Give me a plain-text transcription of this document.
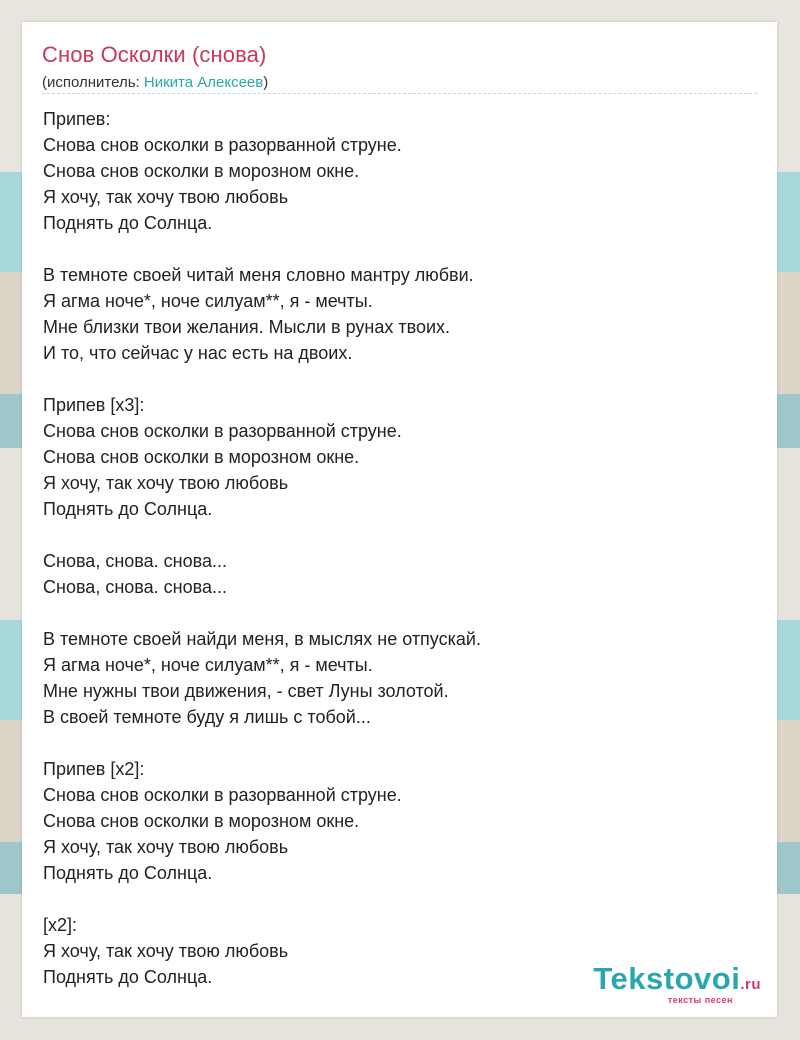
Снов Осколки (снова)
(исполнитель: Никита Алексеев)
Припев:
Снова снов осколки в разорванной струне.
Снова снов осколки в морозном окне.
Я хочу, так хочу твою любовь
Поднять до Солнца.
В темноте своей читай меня словно мантру любви.
Я агма ноче*, ноче силуам**, я - мечты.
Мне близки твои желания. Мысли в рунах твоих.
И то, что сейчас у нас есть на двоих.
Припев [x3]:
Снова снов осколки в разорванной струне.
Снова снов осколки в морозном окне.
Я хочу, так хочу твою любовь
Поднять до Солнца.
Снова, снова. снова...
Снова, снова. снова...
В темноте своей найди меня, в мыслях не отпускай.
Я агма ноче*, ноче силуам**, я - мечты.
Мне нужны твои движения, - свет Луны золотой.
В своей темноте буду я лишь с тобой...
Припев [x2]:
Снова снов осколки в разорванной струне.
Снова снов осколки в морозном окне.
Я хочу, так хочу твою любовь
Поднять до Солнца.
[x2]:
Я хочу, так хочу твою любовь
Поднять до Солнца.	Tekstovoi.ru
тексты песен
